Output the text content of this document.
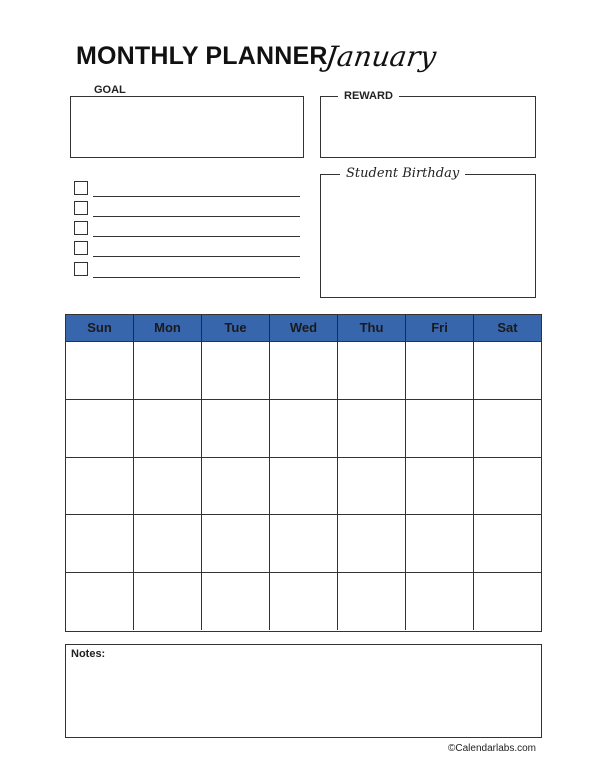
MONTHLY PLANNER
January
GOAL	REWARD
Student Birthday
Sun	Mon	Tue	Wed	Thu	Fri	Sat
Notes:
©Calendarlabs.com
